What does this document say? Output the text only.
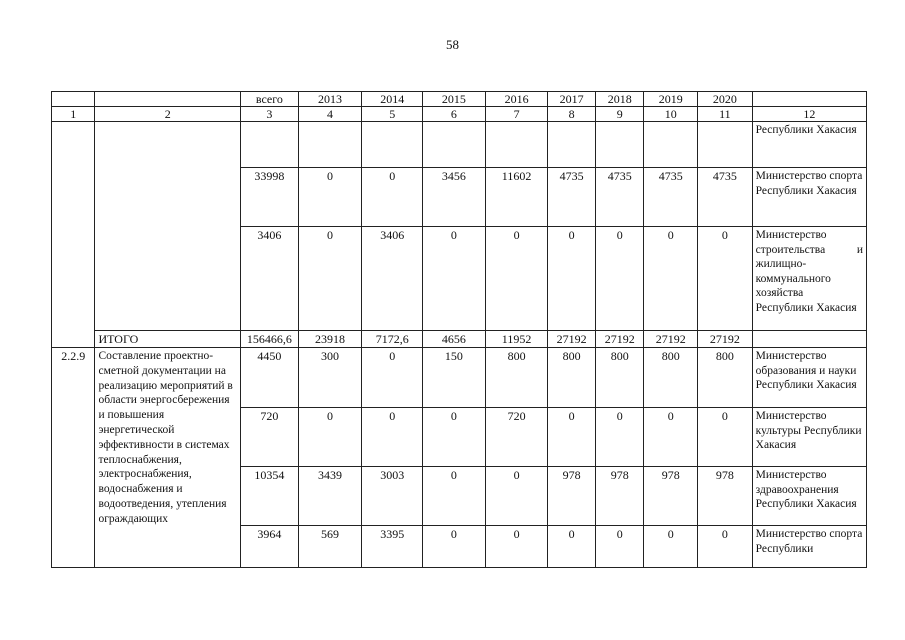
58
		всего	2013	2014	2015	2016	2017	2018	2019	2020	
1	2	3	4	5	6	7	8	9	10	11	12
											Республики Хакасия
		33998	0	0	3456	11602	4735	4735	4735	4735	Министерство спорта Республики Хакасия
		3406	0	3406	0	0	0	0	0	0	Министерство строительства и
жилищно-коммунального хозяйства Республики Хакасия
	ИТОГО	156466,6	23918	7172,6	4656	11952	27192	27192	27192	27192	
2.2.9	Составление проектно-сметной документации на реализацию мероприятий в области энергосбережения и повышения энергетической эффективности в системах теплоснабжения, электроснабжения, водоснабжения и водоотведения, утепления ограждающих	4450	300	0	150	800	800	800	800	800	Министерство образования и науки Республики Хакасия
		720	0	0	0	720	0	0	0	0	Министерство культуры Республики Хакасия
		10354	3439	3003	0	0	978	978	978	978	Министерство здравоохранения Республики Хакасия
		3964	569	3395	0	0	0	0	0	0	Министерство спорта Республики
